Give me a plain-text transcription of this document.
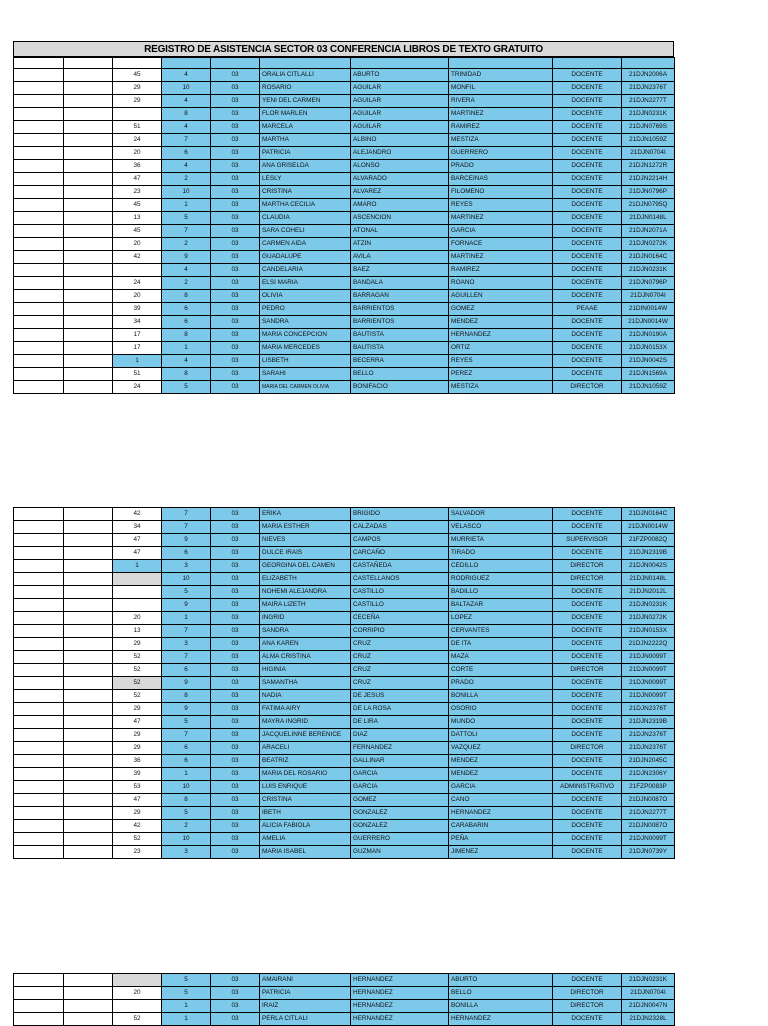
REGISTRO DE ASISTENCIA SECTOR 03 CONFERENCIA LIBROS DE TEXTO GRATUITO

		45	4	03	ORALIA CITLALLI	ABURTO	TRINIDAD	DOCENTE	21DJN2006A
		29	10	03	ROSARIO	AGUILAR	MONFIL	DOCENTE	21DJN2376T
		29	4	03	YENI DEL CARMEN	AGUILAR	RIVERA	DOCENTE	21DJN2277T
			8	03	FLOR MARLEN	AGUILAR	MARTINEZ	DOCENTE	21DJN0231K
		51	4	03	MARCELA	AGUILAR	RAMIREZ	DOCENTE	21DJN0769S
		24	7	03	MARTHA	ALBINO	MESTIZA	DOCENTE	21DJN1059Z
		20	6	03	PATRICIA	ALEJANDRO	GUERRERO	DOCENTE	21DJN0704I
		36	4	03	ANA GRISELDA	ALONSO	PRADO	DOCENTE	21DJN1272R
		47	2	03	LESLY	ALVARADO	BARCEINAS	DOCENTE	21DJN2214H
		23	10	03	CRISTINA	ALVAREZ	FILOMENO	DOCENTE	21DJN0796P
		45	1	03	MARTHA CECILIA	AMARO	REYES	DOCENTE	21DJN0795Q
		13	5	03	CLAUDIA	ASCENCION	MARTINEZ	DOCENTE	21DJN0148L
		45	7	03	SARA COHELI	ATONAL	GARCIA	DOCENTE	21DJN2071A
		20	2	03	CARMEN AIDA	ATZIN	FORNACE	DOCENTE	21DJN0272K
		42	9	03	GUADALUPE	AVILA	MARTINEZ	DOCENTE	21DJN0164C
			4	03	CANDELARIA	BAEZ	RAMIREZ	DOCENTE	21DJN0231K
		24	2	03	ELSI MARIA	BANDALA	ROANO	DOCENTE	21DJN0796P
		20	8	03	OLIVIA	BARRAGAN	AGUILLEN	DOCENTE	21DJN0704I
		39	6	03	PEDRO	BARRIENTOS	GOMEZ	PEAAE	21DIN0014W
		34	6	03	SANDRA	BARRIENTOS	MENDEZ	DOCENTE	21DJN0014W
		17	8	03	MARIA CONCEPCION	BAUTISTA	HERNANDEZ	DOCENTE	21DJN0190A
		17	1	03	MARIA MERCEDES	BAUTISTA	ORTIZ	DOCENTE	21DJN0153X
		1	4	03	LISBETH	BECERRA	REYES	DOCENTE	21DJN0042S
		51	8	03	SARAHI	BELLO	PEREZ	DOCENTE	21DJN1569A
		24	5	03	MARIA DEL CARMEN OLIVIA	BONIFACIO	MESTIZA	DIRECTOR	21DJN1059Z
		42	7	03	ERIKA	BRIGIDO	SALVADOR	DOCENTE	21DJN0164C
		34	7	03	MARIA ESTHER	CALZADAS	VELASCO	DOCENTE	21DJN0014W
		47	9	03	NIEVES	CAMPOS	MURRIETA	SUPERVISOR	21FZP0082Q
		47	6	03	DULCE IRAIS	CARCAÑO	TIRADO	DOCENTE	21DJN2319B
		1	3	03	GEORGINA DEL CAMEN	CASTAÑEDA	CEDILLO	DIRECTOR	21DJN0042S
			10	03	ELIZABETH	CASTELLANOS	RODRIGUEZ	DIRECTOR	21DJN0148L
			5	03	NOHEMI ALEJANDRA	CASTILLO	BADILLO	DOCENTE	21DJN2012L
			9	03	MAIRA LIZETH	CASTILLO	BALTAZAR	DOCENTE	21DJN0231K
		20	1	03	INGRID	CECEÑA	LOPEZ	DOCENTE	21DJN0272K
		13	7	03	SANDRA	CORRIPIO	CERVANTES	DOCENTE	21DJN0153X
		29	3	03	ANA KAREN	CRUZ	DE ITA	DOCENTE	21DJN2222Q
		52	7	03	ALMA CRISTINA	CRUZ	MAZA	DOCENTE	21DJN0099T
		52	6	03	HIGINIA	CRUZ	CORTE	DIRECTOR	21DJN0099T
		52	9	03	SAMANTHA	CRUZ	PRADO	DOCENTE	21DJN0099T
		52	8	03	NADIA	DE JESUS	BONILLA	DOCENTE	21DJN0099T
		29	9	03	FATIMA AIRY	DE LA ROSA	OSORIO	DOCENTE	21DJN2376T
		47	5	03	MAYRA INGRID	DE LIRA	MUNDO	DOCENTE	21DJN2319B
		29	7	03	JACQUELINNE BERENICE	DIAZ	DATTOLI	DOCENTE	21DJN2376T
		29	6	03	ARACELI	FERNANDEZ	VAZQUEZ	DIRECTOR	21DJN2376T
		36	6	03	BEATRIZ	GALLINAR	MENDEZ	DOCENTE	21DJN2045C
		39	1	03	MARIA DEL ROSARIO	GARCIA	MENDEZ	DOCENTE	21DJN2306Y
		53	10	03	LUIS ENRIQUE	GARCIA	GARCIA	ADMINISTRATIVO	21FZP0083P
		47	8	03	CRISTINA	GOMEZ	CANO	DOCENTE	21DJN0087O
		29	5	03	IBETH	GONZALEZ	HERNANDEZ	DOCENTE	21DJN2277T
		42	2	03	ALICIA FABIOLA	GONZALEZ	CARABARIN	DOCENTE	21DJN0087O
		52	10	03	AMELIA	GUERRERO	PEÑA	DOCENTE	21DJN0099T
		23	3	03	MARIA ISABEL	GUZMAN	JIMENEZ	DOCENTE	21DJN0739Y
			5	03	AMAIRANI	HERNANDEZ	ABURTO	DOCENTE	21DJN0231K
		20	5	03	PATRICIA	HERNANDEZ	BELLO	DIRECTOR	21DJN0704I
			1	03	IRAIZ	HERNANDEZ	BONILLA	DIRECTOR	21DJN0047N
		52	1	03	PERLA CITLALI	HERNANDEZ	HERNANDEZ	DOCENTE	21DJN2328L
